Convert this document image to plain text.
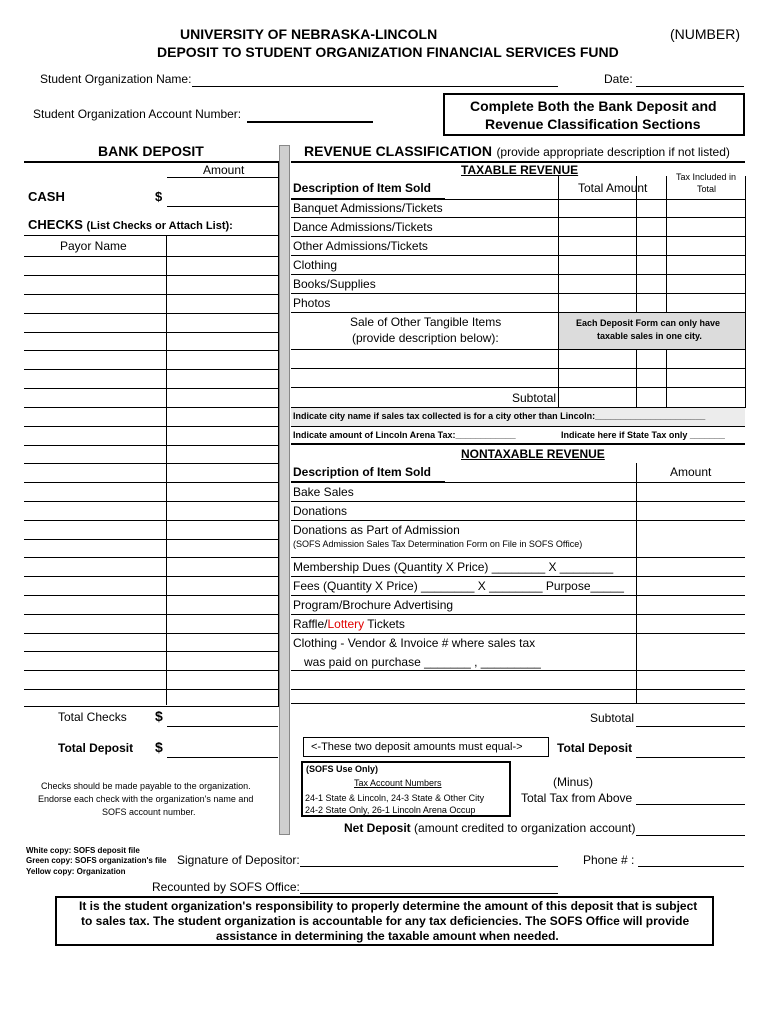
UNIVERSITY OF NEBRASKA-LINCOLN	(NUMBER)
DEPOSIT TO STUDENT ORGANIZATION FINANCIAL SERVICES FUND
Student Organization Name:	Date:
Student Organization Account Number:	Complete Both the Bank Deposit and
Revenue Classification Sections
BANK DEPOSIT
Amount
CASH	$
CHECKS (List Checks or Attach List):
Payor Name
Total Checks $
Total Deposit $
Checks should be made payable to the organization.
Endorse each check with the organization's name and
SOFS account number.
REVENUE CLASSIFICATION (provide appropriate description if not listed)
TAXABLE REVENUE	Tax Included in
Total
Description of Item Sold	Total Amount
Banquet Admissions/Tickets
Dance Admissions/Tickets
Other Admissions/Tickets
Clothing
Books/Supplies
Photos
Sale of Other Tangible Items
(provide description below):
Each Deposit Form can only have
taxable sales in one city.
Subtotal
Indicate city name if sales tax collected is for a city other than Lincoln:______________________
Indicate amount of Lincoln Arena Tax:____________	Indicate here if State Tax only _______
NONTAXABLE REVENUE
Description of Item Sold	Amount
Bake Sales
Donations
Donations as Part of Admission
(SOFS Admission Sales Tax Determination Form on File in SOFS Office)
Membership Dues (Quantity X Price) ________ X ________
Fees (Quantity X Price) ________ X ________ Purpose_____
Program/Brochure Advertising
Raffle/Lottery Tickets
Clothing - Vendor & Invoice # where sales tax
was paid on purchase _______ , _________
Subtotal
<-These two deposit amounts must equal->	Total Deposit
(SOFS Use Only)
Tax Account Numbers
24-1 State & Lincoln, 24-3 State & Other City
24-2 State Only, 26-1 Lincoln Arena Occup
(Minus)
Total Tax from Above
Net Deposit (amount credited to organization account)
White copy: SOFS deposit file
Green copy: SOFS organization's file
Yellow copy: Organization
Signature of Depositor:	Phone # :
Recounted by SOFS Office:
It is the student organization's responsibility to properly determine the amount of this deposit that is subject
to sales tax. The student organization is accountable for any tax deficiencies. The SOFS Office will provide
assistance in determining the taxable amount when needed.
